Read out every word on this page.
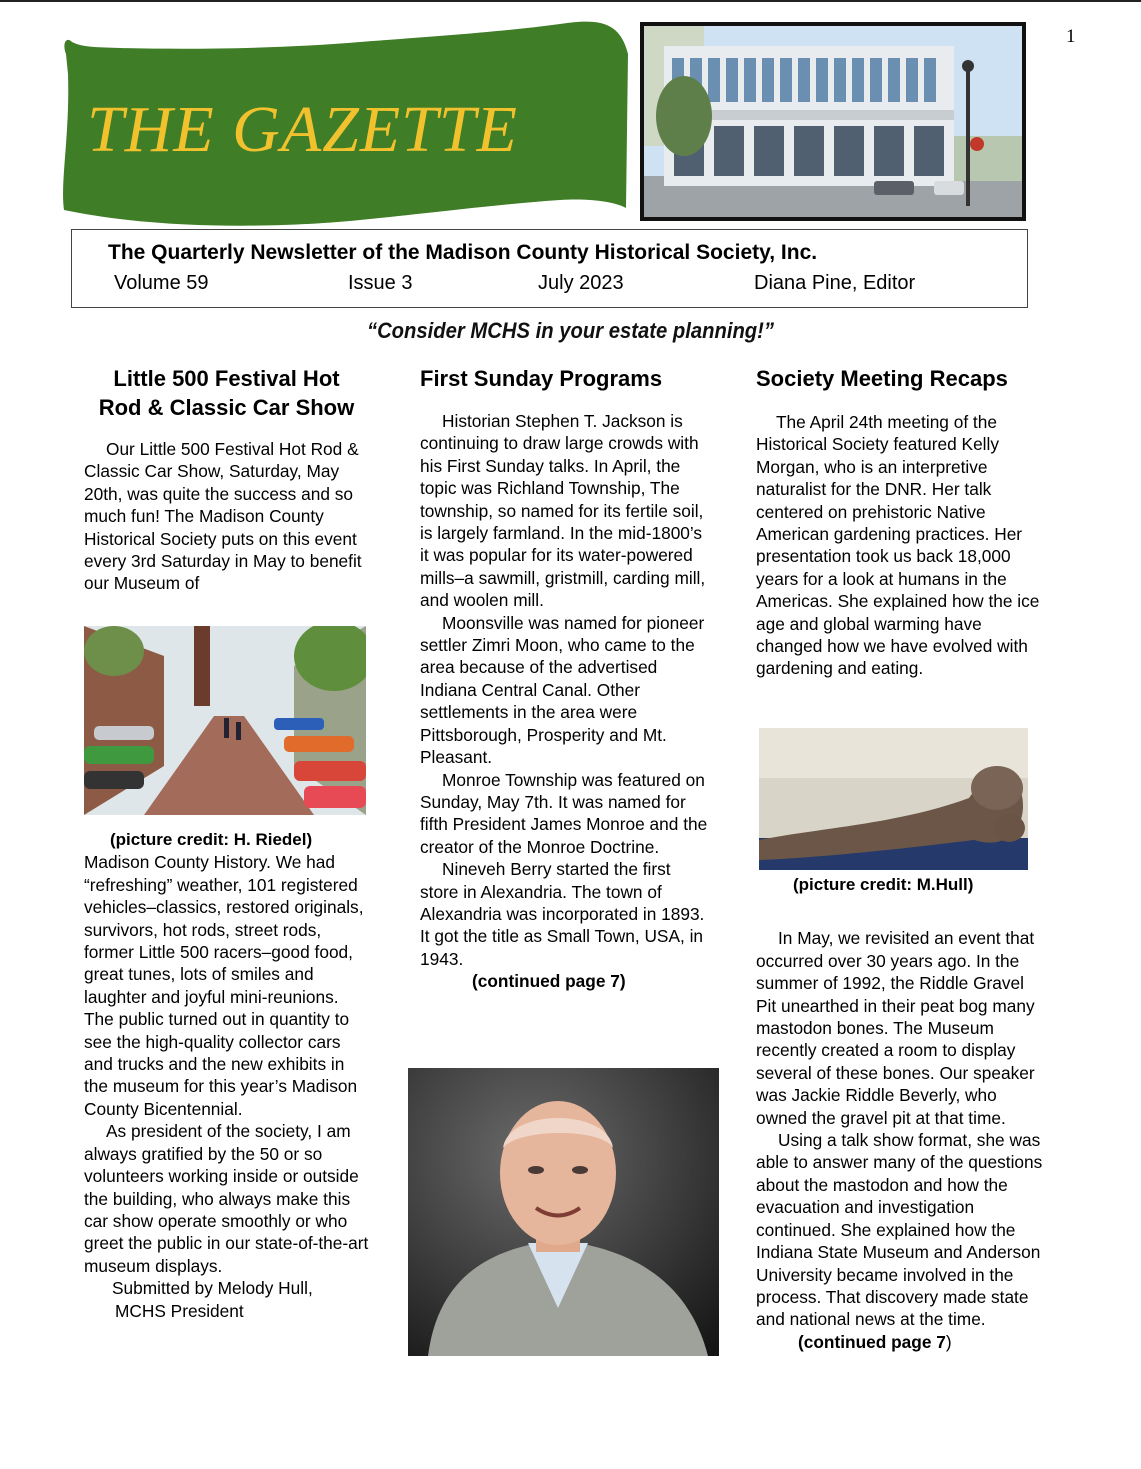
1
THE GAZETTE
The Quarterly Newsletter of the Madison County Historical Society, Inc.
Volume 59	Issue 3	July 2023	Diana Pine, Editor
“Consider MCHS in your estate planning!”
Little 500 Festival Hot
Rod & Classic Car Show

Our Little 500 Festival Hot Rod & Classic Car Show, Saturday, May 20th, was quite the success and so much fun! The Madison County Historical Society puts on this event every 3rd Saturday in May to benefit our Museum of

(picture credit: H. Riedel)

Madison County History. We had “refreshing” weather, 101 registered vehicles–classics, restored originals, survivors, hot rods, street rods, former Little 500 racers–good food, great tunes, lots of smiles and laughter and joyful mini-reunions. The public turned out in quantity to see the high-quality collector cars and trucks and the new exhibits in the museum for this year’s Madison County Bicentennial.

As president of the society, I am always gratified by the 50 or so volunteers working inside or outside the building, who always make this car show operate smoothly or who greet the public in our state-of-the-art museum displays.

Submitted by Melody Hull,

MCHS President

First Sunday Programs

Historian Stephen T. Jackson is continuing to draw large crowds with his First Sunday talks. In April, the topic was Richland Township, The township, so named for its fertile soil, is largely farmland. In the mid-1800’s it was popular for its water-powered mills–a sawmill, gristmill, carding mill, and woolen mill.

Moonsville was named for pioneer settler Zimri Moon, who came to the area because of the advertised Indiana Central Canal. Other settlements in the area were Pittsborough, Prosperity and Mt. Pleasant.

Monroe Township was featured on Sunday, May 7th. It was named for fifth President James Monroe and the creator of the Monroe Doctrine.

Nineveh Berry started the first store in Alexandria. The town of Alexandria was incorporated in 1893. It got the title as Small Town, USA, in 1943.

(continued page 7)

Society Meeting Recaps

The April 24th meeting of the Historical Society featured Kelly Morgan, who is an interpretive naturalist for the DNR. Her talk centered on prehistoric Native American gardening practices. Her presentation took us back 18,000 years for a look at humans in the Americas. She explained how the ice age and global warming have changed how we have evolved with gardening and eating.

(picture credit: M.Hull)

In May, we revisited an event that occurred over 30 years ago. In the summer of 1992, the Riddle Gravel Pit unearthed in their peat bog many mastodon bones. The Museum recently created a room to display several of these bones. Our speaker was Jackie Riddle Beverly, who owned the gravel pit at that time.

Using a talk show format, she was able to answer many of the questions about the mastodon and how the evacuation and investigation continued. She explained how the Indiana State Museum and Anderson University became involved in the process. That discovery made state and national news at the time.

(continued page 7)
